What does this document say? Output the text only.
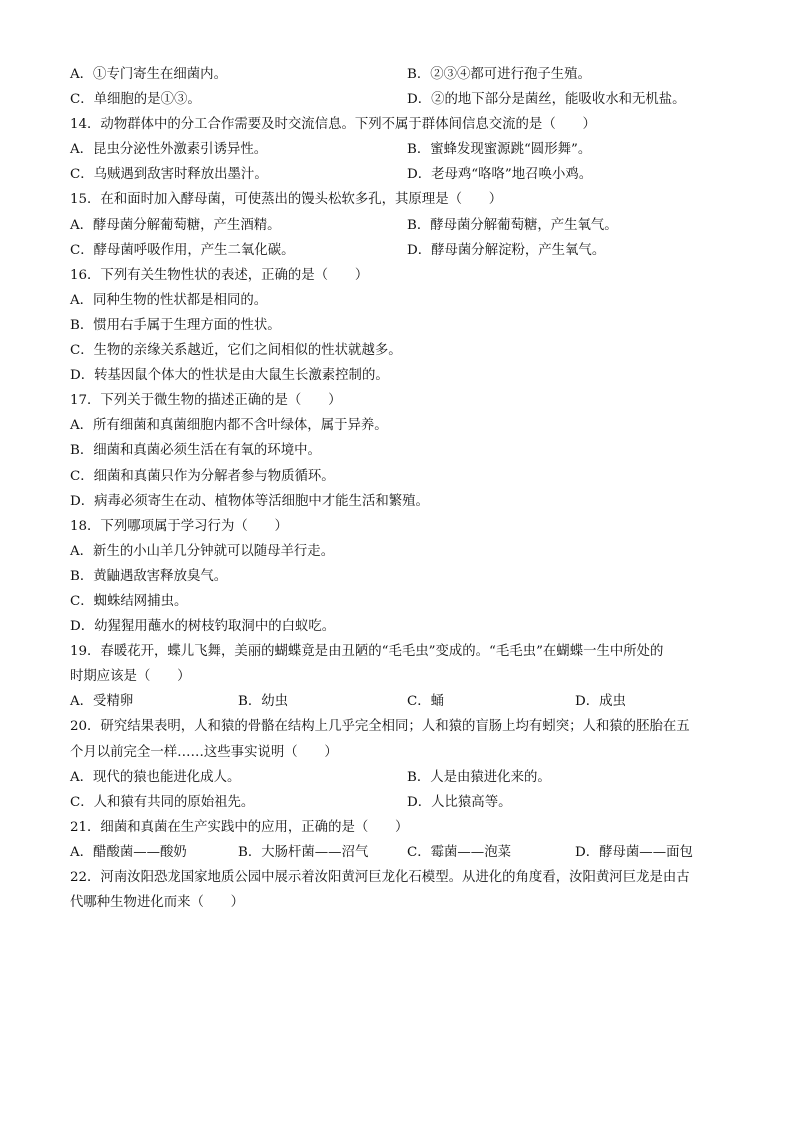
A．①专门寄生在细菌内。	B．②③④都可进行孢子生殖。
C．单细胞的是①③。	D．②的地下部分是菌丝，能吸收水和无机盐。
14．动物群体中的分工合作需要及时交流信息。下列不属于群体间信息交流的是（　　）
A．昆虫分泌性外激素引诱异性。	B．蜜蜂发现蜜源跳“圆形舞”。
C．乌贼遇到敌害时释放出墨汁。	D．老母鸡“咯咯”地召唤小鸡。
15．在和面时加入酵母菌，可使蒸出的馒头松软多孔，其原理是（　　）
A．酵母菌分解葡萄糖，产生酒精。	B．酵母菌分解葡萄糖，产生氧气。
C．酵母菌呼吸作用，产生二氧化碳。	D．酵母菌分解淀粉，产生氧气。
16．下列有关生物性状的表述，正确的是（　　）
A．同种生物的性状都是相同的。
B．惯用右手属于生理方面的性状。
C．生物的亲缘关系越近，它们之间相似的性状就越多。
D．转基因鼠个体大的性状是由大鼠生长激素控制的。
17．下列关于微生物的描述正确的是（　　）
A．所有细菌和真菌细胞内都不含叶绿体，属于异养。
B．细菌和真菌必须生活在有氧的环境中。
C．细菌和真菌只作为分解者参与物质循环。
D．病毒必须寄生在动、植物体等活细胞中才能生活和繁殖。
18．下列哪项属于学习行为（　　）
A．新生的小山羊几分钟就可以随母羊行走。
B．黄鼬遇敌害释放臭气。
C．蜘蛛结网捕虫。
D．幼猩猩用蘸水的树枝钓取洞中的白蚁吃。
19．春暖花开，蝶儿飞舞，美丽的蝴蝶竟是由丑陋的“毛毛虫”变成的。“毛毛虫”在蝴蝶一生中所处的
时期应该是（　　）
A．受精卵	B．幼虫	C．蛹	D．成虫
20．研究结果表明，人和猿的骨骼在结构上几乎完全相同；人和猿的盲肠上均有蚓突；人和猿的胚胎在五
个月以前完全一样……这些事实说明（　　）
A．现代的猿也能进化成人。	B．人是由猿进化来的。
C．人和猿有共同的原始祖先。	D．人比猿高等。
21．细菌和真菌在生产实践中的应用，正确的是（　　）
A．醋酸菌——酸奶	B．大肠杆菌——沼气	C．霉菌——泡菜	D．酵母菌——面包
22．河南汝阳恐龙国家地质公园中展示着汝阳黄河巨龙化石模型。从进化的角度看，汝阳黄河巨龙是由古
代哪种生物进化而来（　　）
